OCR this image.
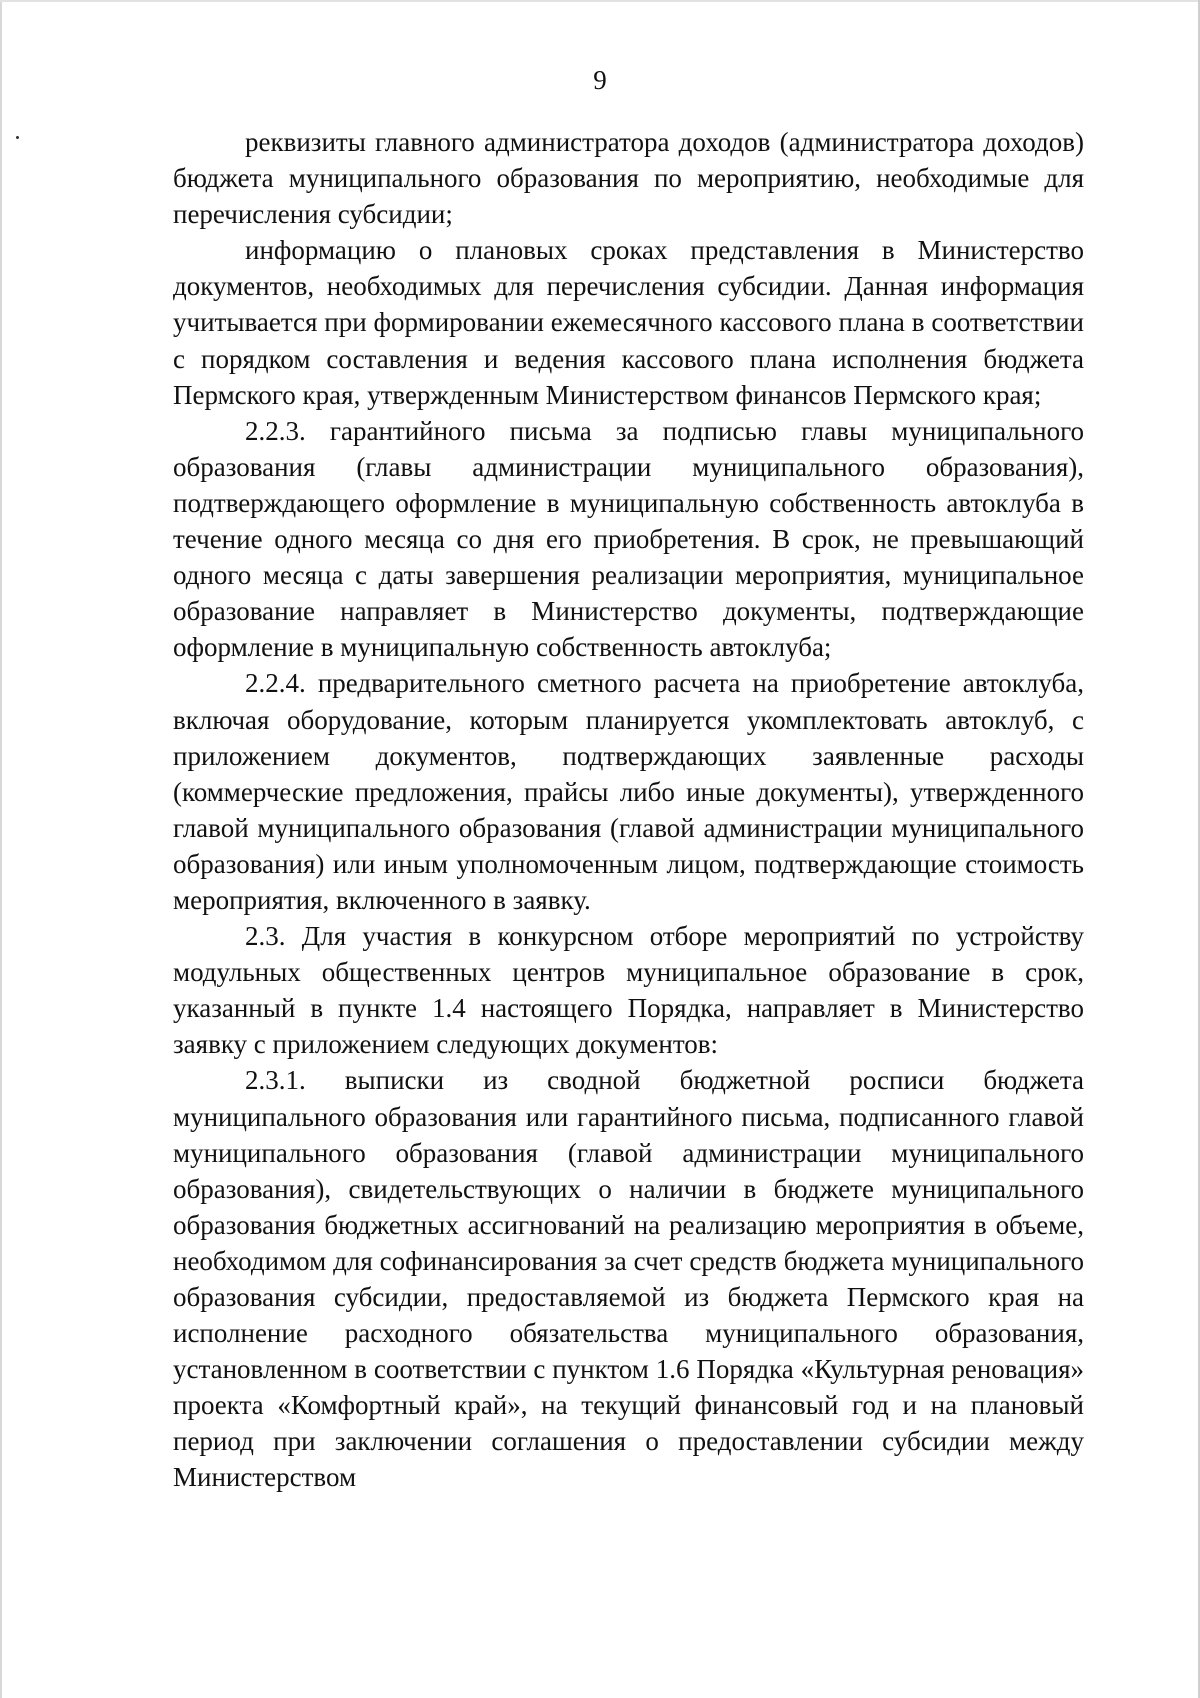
9

реквизиты главного администратора доходов (администратора доходов) бюджета муниципального образования по мероприятию, необходимые для перечисления субсидии;

информацию о плановых сроках представления в Министерство документов, необходимых для перечисления субсидии. Данная информация учитывается при формировании ежемесячного кассового плана в соответствии с порядком составления и ведения кассового плана исполнения бюджета Пермского края, утвержденным Министерством финансов Пермского края;

2.2.3. гарантийного письма за подписью главы муниципального образования (главы администрации муниципального образования), подтверждающего оформление в муниципальную собственность автоклуба в течение одного месяца со дня его приобретения. В срок, не превышающий одного месяца с даты завершения реализации мероприятия, муниципальное образование направляет в Министерство документы, подтверждающие оформление в муниципальную собственность автоклуба;

2.2.4. предварительного сметного расчета на приобретение автоклуба, включая оборудование, которым планируется укомплектовать автоклуб, с приложением документов, подтверждающих заявленные расходы (коммерческие предложения, прайсы либо иные документы), утвержденного главой муниципального образования (главой администрации муниципального образования) или иным уполномоченным лицом, подтверждающие стоимость мероприятия, включенного в заявку.

2.3. Для участия в конкурсном отборе мероприятий по устройству модульных общественных центров муниципальное образование в срок, указанный в пункте 1.4 настоящего Порядка, направляет в Министерство заявку с приложением следующих документов:

2.3.1. выписки из сводной бюджетной росписи бюджета муниципального образования или гарантийного письма, подписанного главой муниципального образования (главой администрации муниципального образования), свидетельствующих о наличии в бюджете муниципального образования бюджетных ассигнований на реализацию мероприятия в объеме, необходимом для софинансирования за счет средств бюджета муниципального образования субсидии, предоставляемой из бюджета Пермского края на исполнение расходного обязательства муниципального образования, установленном в соответствии с пунктом 1.6 Порядка «Культурная реновация» проекта «Комфортный край», на текущий финансовый год и на плановый период при заключении соглашения о предоставлении субсидии между Министерством
